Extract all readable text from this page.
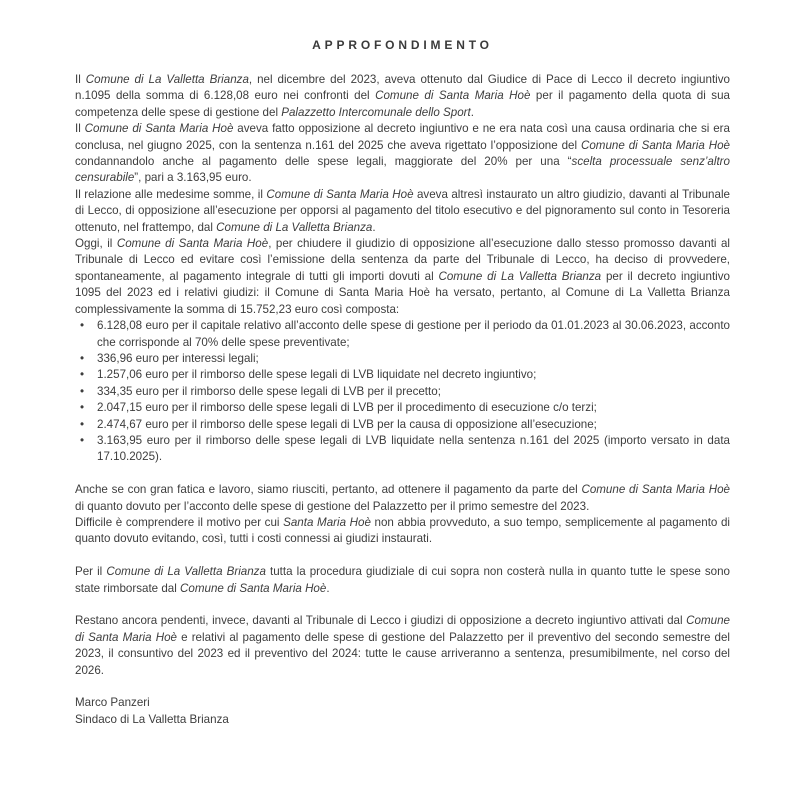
APPROFONDIMENTO

Il Comune di La Valletta Brianza, nel dicembre del 2023, aveva ottenuto dal Giudice di Pace di Lecco il decreto ingiuntivo n.1095 della somma di 6.128,08 euro nei confronti del Comune di Santa Maria Hoè per il pagamento della quota di sua competenza delle spese di gestione del Palazzetto Intercomunale dello Sport.

Il Comune di Santa Maria Hoè aveva fatto opposizione al decreto ingiuntivo e ne era nata così una causa ordinaria che si era conclusa, nel giugno 2025, con la sentenza n.161 del 2025 che aveva rigettato l’opposizione del Comune di Santa Maria Hoè condannandolo anche al pagamento delle spese legali, maggiorate del 20% per una “scelta processuale senz’altro censurabile”, pari a 3.163,95 euro.

Il relazione alle medesime somme, il Comune di Santa Maria Hoè aveva altresì instaurato un altro giudizio, davanti al Tribunale di Lecco, di opposizione all’esecuzione per opporsi al pagamento del titolo esecutivo e del pignoramento sul conto in Tesoreria ottenuto, nel frattempo, dal Comune di La Valletta Brianza.

Oggi, il Comune di Santa Maria Hoè, per chiudere il giudizio di opposizione all’esecuzione dallo stesso promosso davanti al Tribunale di Lecco ed evitare così l’emissione della sentenza da parte del Tribunale di Lecco, ha deciso di provvedere, spontaneamente, al pagamento integrale di tutti gli importi dovuti al Comune di La Valletta Brianza per il decreto ingiuntivo 1095 del 2023 ed i relativi giudizi: il Comune di Santa Maria Hoè ha versato, pertanto, al Comune di La Valletta Brianza complessivamente la somma di 15.752,23 euro così composta:

• 6.128,08 euro per il capitale relativo all’acconto delle spese di gestione per il periodo da 01.01.2023 al 30.06.2023, acconto che corrisponde al 70% delle spese preventivate;
• 336,96 euro per interessi legali;
• 1.257,06 euro per il rimborso delle spese legali di LVB liquidate nel decreto ingiuntivo;
• 334,35 euro per il rimborso delle spese legali di LVB per il precetto;
• 2.047,15 euro per il rimborso delle spese legali di LVB per il procedimento di esecuzione c/o terzi;
• 2.474,67 euro per il rimborso delle spese legali di LVB per la causa di opposizione all’esecuzione;
• 3.163,95 euro per il rimborso delle spese legali di LVB liquidate nella sentenza n.161 del 2025 (importo versato in data 17.10.2025).

Anche se con gran fatica e lavoro, siamo riusciti, pertanto, ad ottenere il pagamento da parte del Comune di Santa Maria Hoè di quanto dovuto per l’acconto delle spese di gestione del Palazzetto per il primo semestre del 2023.

Difficile è comprendere il motivo per cui Santa Maria Hoè non abbia provveduto, a suo tempo, semplicemente al pagamento di quanto dovuto evitando, così, tutti i costi connessi ai giudizi instaurati.

Per il Comune di La Valletta Brianza tutta la procedura giudiziale di cui sopra non costerà nulla in quanto tutte le spese sono state rimborsate dal Comune di Santa Maria Hoè.

Restano ancora pendenti, invece, davanti al Tribunale di Lecco i giudizi di opposizione a decreto ingiuntivo attivati dal Comune di Santa Maria Hoè e relativi al pagamento delle spese di gestione del Palazzetto per il preventivo del secondo semestre del 2023, il consuntivo del 2023 ed il preventivo del 2024: tutte le cause arriveranno a sentenza, presumibilmente, nel corso del 2026.

Marco Panzeri
Sindaco di La Valletta Brianza
